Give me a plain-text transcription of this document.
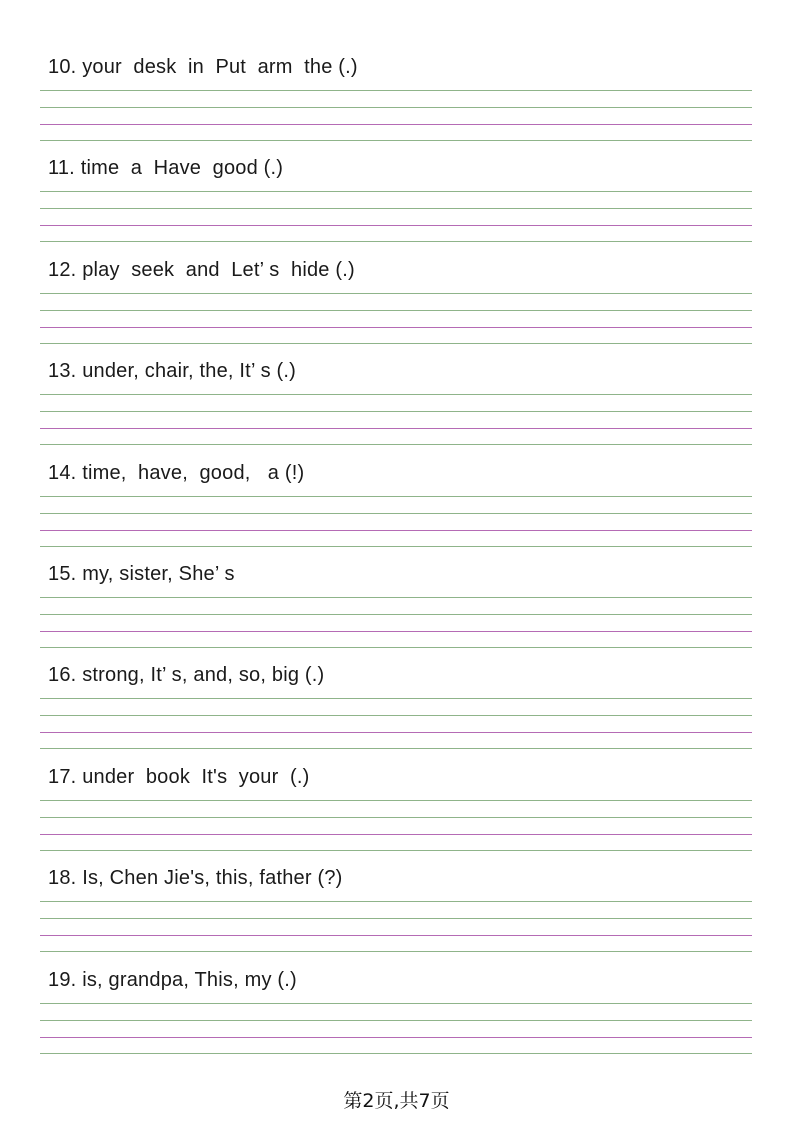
10. your  desk  in  Put  arm  the (.)
11. time  a  Have  good (.)
12. play  seek  and  Let’ s  hide (.)
13. under, chair, the, It’ s (.)
14. time,  have,  good,   a (!)
15. my, sister, She’ s
16. strong, It’ s, and, so, big (.)
17. under  book  It's  your  (.)
18. Is, Chen Jie's, this, father (?)
19. is, grandpa, This, my (.)
第2页,共7页
